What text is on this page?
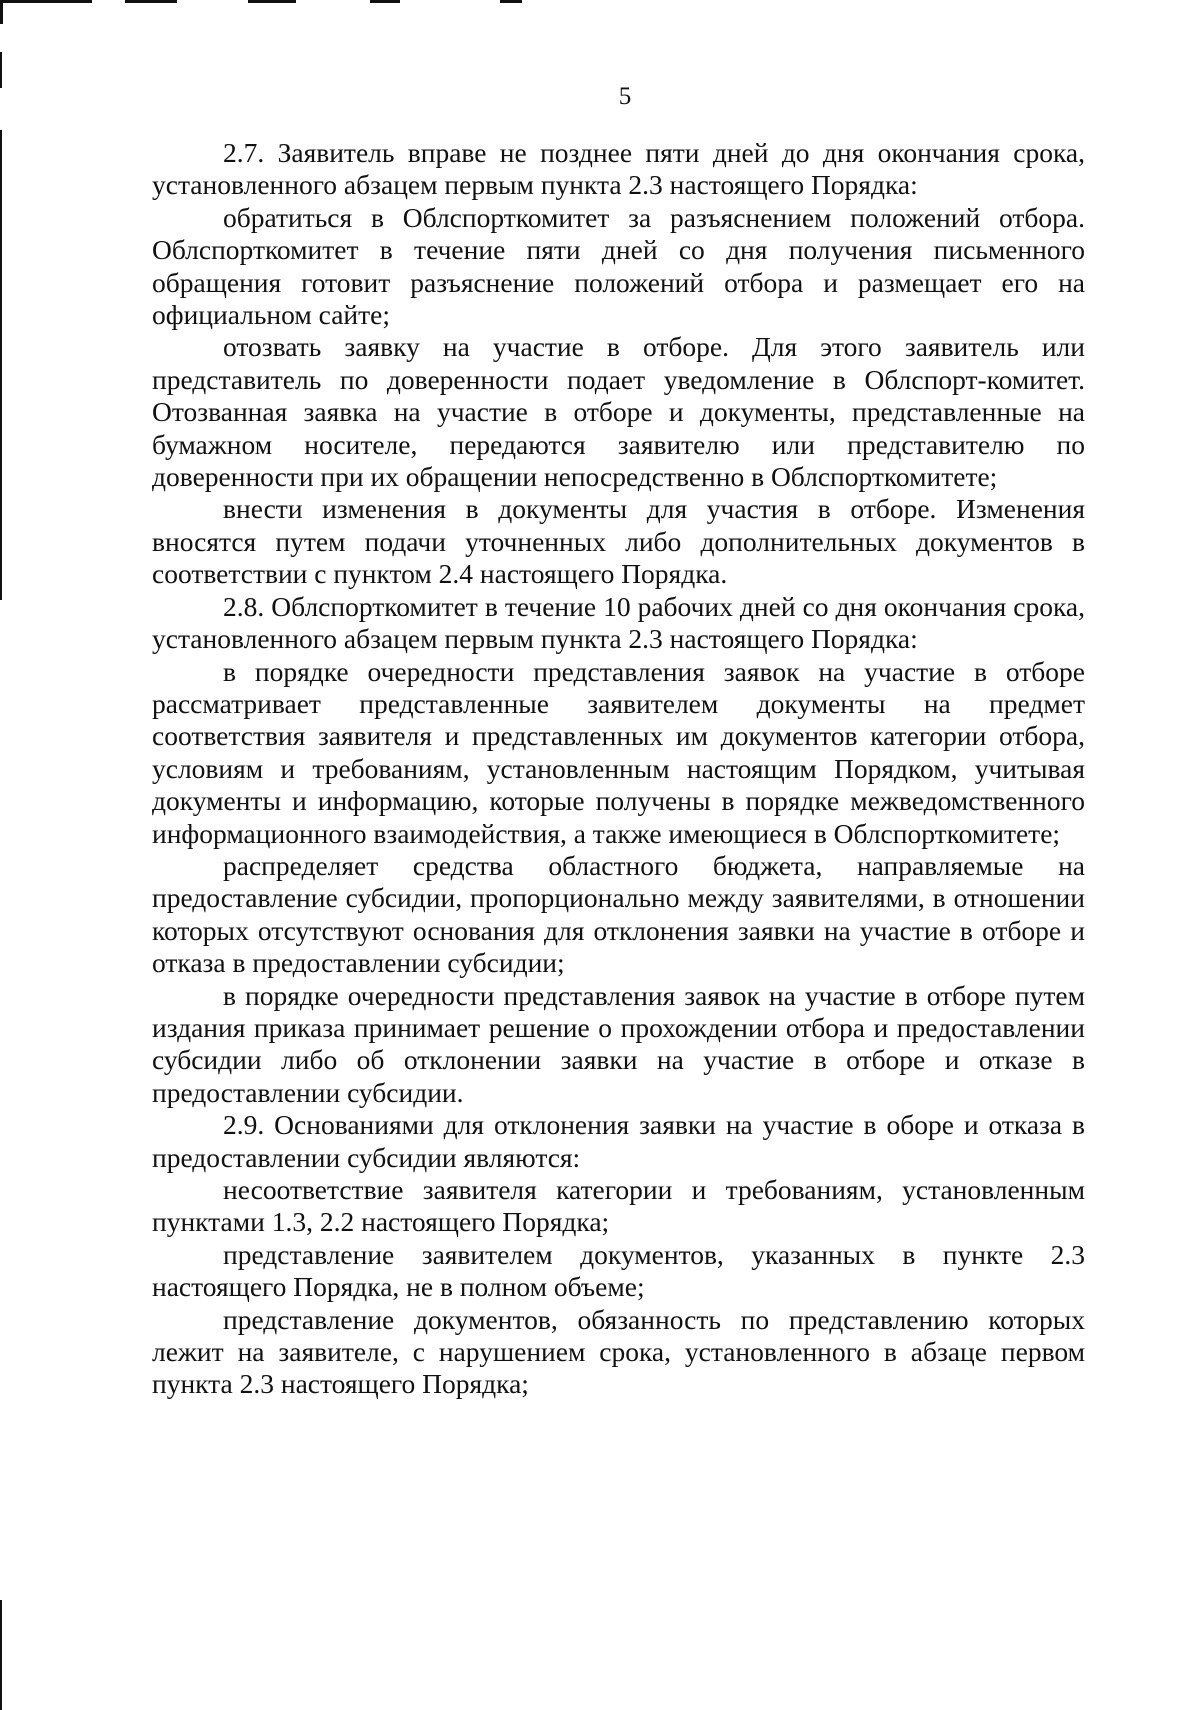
5

2.7. Заявитель вправе не позднее пяти дней до дня окончания срока, установленного абзацем первым пункта 2.3 настоящего Порядка:

обратиться в Облспорткомитет за разъяснением положений отбора. Облспорткомитет в течение пяти дней со дня получения письменного обращения готовит разъяснение положений отбора и размещает его на официальном сайте;

отозвать заявку на участие в отборе. Для этого заявитель или представитель по доверенности подает уведомление в Облспорт-комитет. Отозванная заявка на участие в отборе и документы, представленные на бумажном носителе, передаются заявителю или представителю по доверенности при их обращении непосредственно в Облспорткомитете;

внести изменения в документы для участия в отборе. Изменения вносятся путем подачи уточненных либо дополнительных документов в соответствии с пунктом 2.4 настоящего Порядка.

2.8. Облспорткомитет в течение 10 рабочих дней со дня окончания срока, установленного абзацем первым пункта 2.3 настоящего Порядка:

в порядке очередности представления заявок на участие в отборе рассматривает представленные заявителем документы на предмет соответствия заявителя и представленных им документов категории отбора, условиям и требованиям, установленным настоящим Порядком, учитывая документы и информацию, которые получены в порядке межведомственного информационного взаимодействия, а также имеющиеся в Облспорткомитете;

распределяет средства областного бюджета, направляемые на предоставление субсидии, пропорционально между заявителями, в отношении которых отсутствуют основания для отклонения заявки на участие в отборе и отказа в предоставлении субсидии;

в порядке очередности представления заявок на участие в отборе путем издания приказа принимает решение о прохождении отбора и предоставлении субсидии либо об отклонении заявки на участие в отборе и отказе в предоставлении субсидии.

2.9. Основаниями для отклонения заявки на участие в оборе и отказа в предоставлении субсидии являются:

несоответствие заявителя категории и требованиям, установленным пунктами 1.3, 2.2 настоящего Порядка;

представление заявителем документов, указанных в пункте 2.3 настоящего Порядка, не в полном объеме;

представление документов, обязанность по представлению которых лежит на заявителе, с нарушением срока, установленного в абзаце первом пункта 2.3 настоящего Порядка;
